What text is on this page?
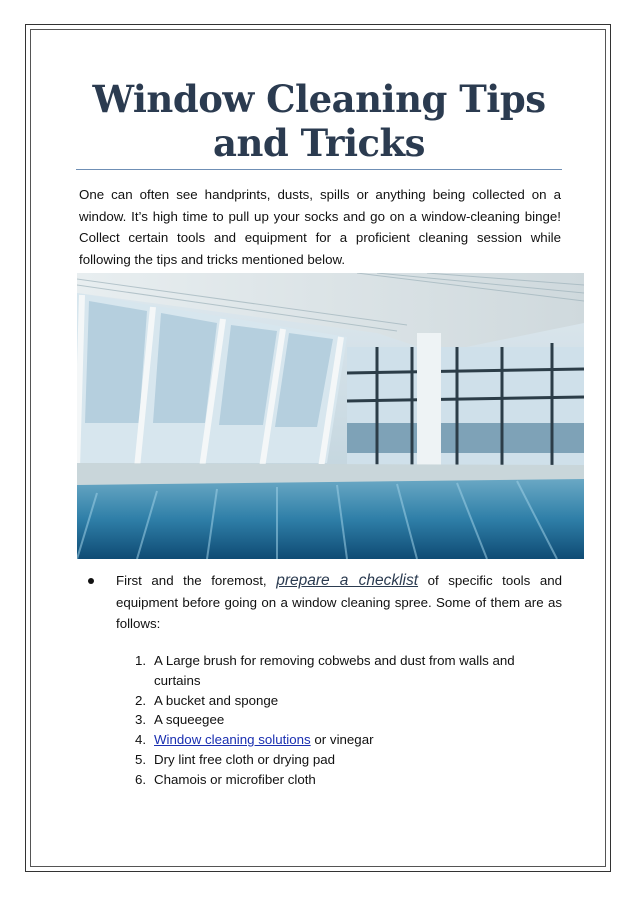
Window Cleaning Tips
and Tricks

One can often see handprints, dusts, spills or anything being collected on a window. It’s high time to pull up your socks and go on a window-cleaning binge! Collect certain tools and equipment for a proficient cleaning session while following the tips and tricks mentioned below.

First and the foremost, prepare a checklist of specific tools and equipment before going on a window cleaning spree. Some of them are as follows:
1. A Large brush for removing cobwebs and dust from walls and curtains
2. A bucket and sponge
3. A squeegee
4. Window cleaning solutions or vinegar
5. Dry lint free cloth or drying pad
6. Chamois or microfiber cloth
